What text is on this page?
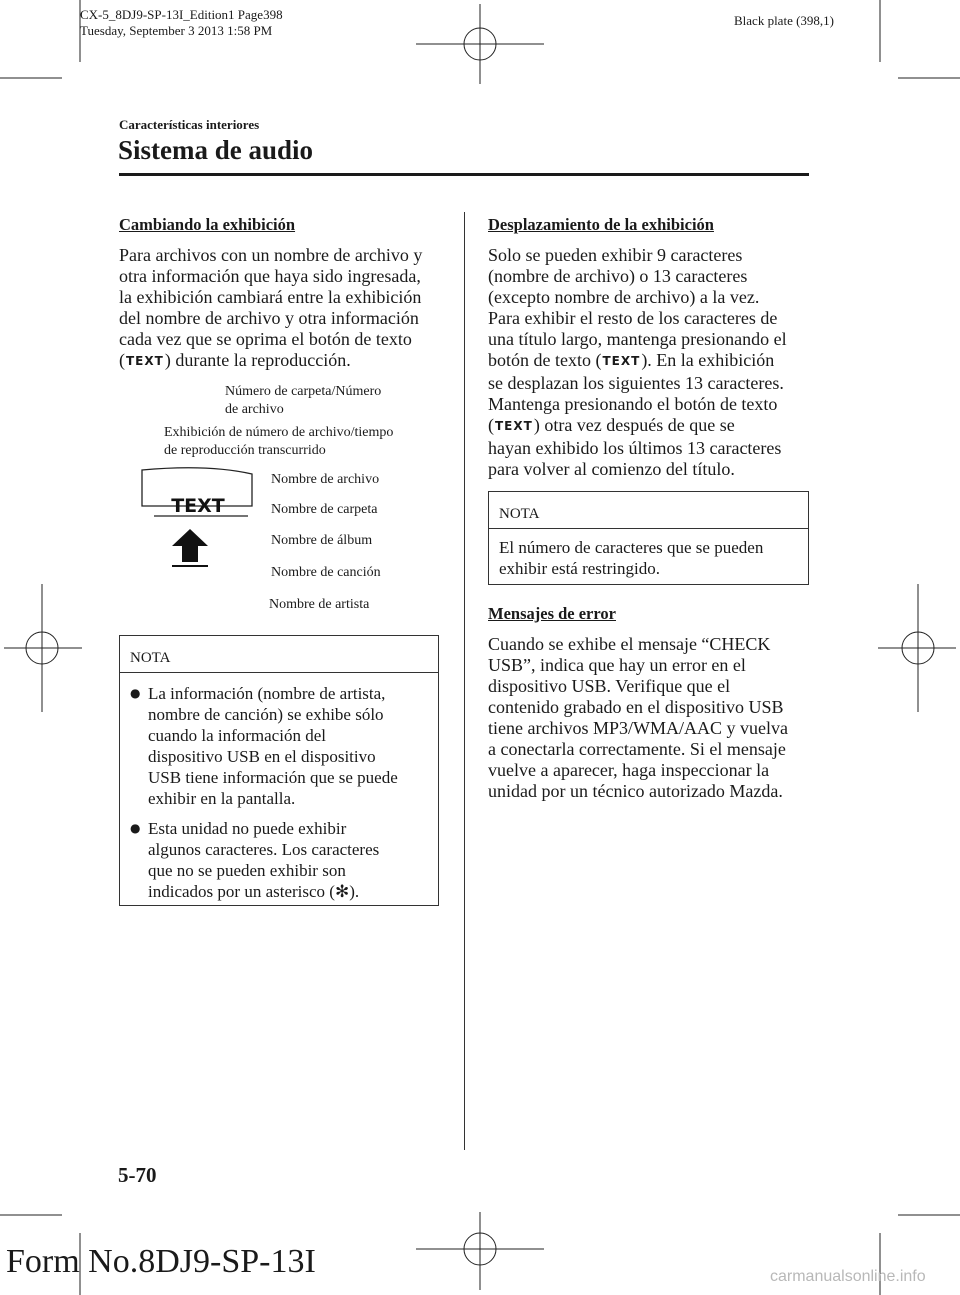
CX-5_8DJ9-SP-13I_Edition1 Page398
Tuesday, September 3 2013 1:58 PM
Black plate (398,1)
Características interiores
Sistema de audio
Cambiando la exhibición

Para archivos con un nombre de archivo y

otra información que haya sido ingresada,

la exhibición cambiará entre la exhibición

del nombre de archivo y otra información

cada vez que se oprima el botón de texto

(TEXT) durante la reproducción.

Número de carpeta/Número
de archivo
Exhibición de número de archivo/tiempo
de reproducción transcurrido
TEXT
Nombre de archivo
Nombre de carpeta
Nombre de álbum
Nombre de canción
Nombre de artista
NOTA
● La información (nombre de artista,
nombre de canción) se exhibe sólo
cuando la información del
dispositivo USB en el dispositivo
USB tiene información que se puede
exhibir en la pantalla.
● Esta unidad no puede exhibir
algunos caracteres. Los caracteres
que no se pueden exhibir son
indicados por un asterisco (✻).
Desplazamiento de la exhibición

Solo se pueden exhibir 9 caracteres

(nombre de archivo) o 13 caracteres

(excepto nombre de archivo) a la vez.

Para exhibir el resto de los caracteres de

una título largo, mantenga presionando el

botón de texto (TEXT). En la exhibición

se desplazan los siguientes 13 caracteres.

Mantenga presionando el botón de texto

(TEXT) otra vez después de que se

hayan exhibido los últimos 13 caracteres

para volver al comienzo del título.

NOTA
El número de caracteres que se pueden
exhibir está restringido.
Mensajes de error

Cuando se exhibe el mensaje “CHECK

USB”, indica que hay un error en el

dispositivo USB. Verifique que el

contenido grabado en el dispositivo USB

tiene archivos MP3/WMA/AAC y vuelva

a conectarla correctamente. Si el mensaje

vuelve a aparecer, haga inspeccionar la

unidad por un técnico autorizado Mazda.

5-70
Form No.8DJ9-SP-13I	carmanualsonline.info
